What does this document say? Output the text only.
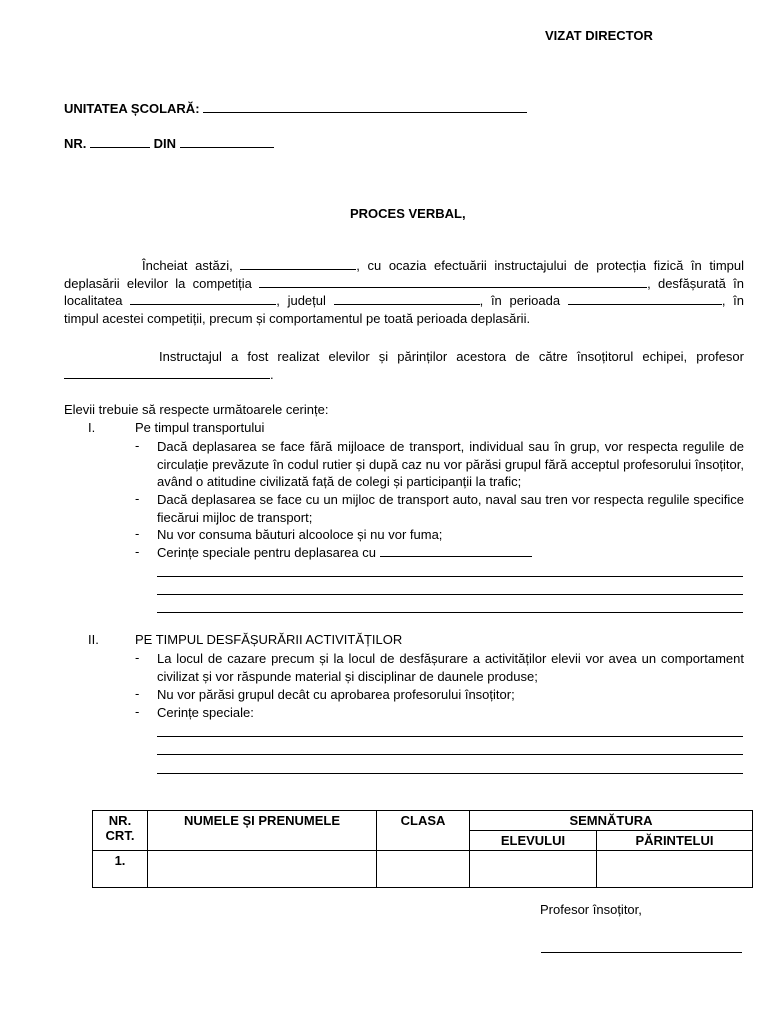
VIZAT DIRECTOR
UNITATEA ȘCOLARĂ:
NR.	DIN
PROCES VERBAL,
Încheiat astăzi,	, cu ocazia efectuării instructajului de protecția fizică în timpul deplasării elevilor la competiția	, desfășurată în localitatea	, județul	, în perioada	, în timpul acestei competiții, precum și comportamentul pe toată perioada deplasării.
Instructajul a fost realizat elevilor și părinților acestora de către însoțitorul echipei, profesor .
Elevii trebuie să respecte următoarele cerințe:
I.	Pe timpul transportului
- Dacă deplasarea se face fără mijloace de transport, individual sau în grup, vor respecta regulile de circulație prevăzute în codul rutier și după caz nu vor părăsi grupul fără acceptul profesorului însoțitor, având o atitudine civilizată față de colegi și participanții la trafic;
- Dacă deplasarea se face cu un mijloc de transport auto, naval sau tren vor respecta regulile specifice fiecărui mijloc de transport;
- Nu vor consuma băuturi alcooloce și nu vor fuma;
- Cerințe speciale pentru deplasarea cu
II.	PE TIMPUL DESFĂȘURĂRII ACTIVITĂȚILOR
- La locul de cazare precum și la locul de desfășurare a activităților elevii vor avea un comportament civilizat și vor răspunde material și disciplinar de daunele produse;
- Nu vor părăsi grupul decât cu aprobarea profesorului însoțitor;
- Cerințe speciale:
NR. CRT.	NUMELE ȘI PRENUMELE	CLASA	SEMNĂTURA	
			ELEVULUI	PĂRINTELUI
1.				
Profesor însoțitor,
